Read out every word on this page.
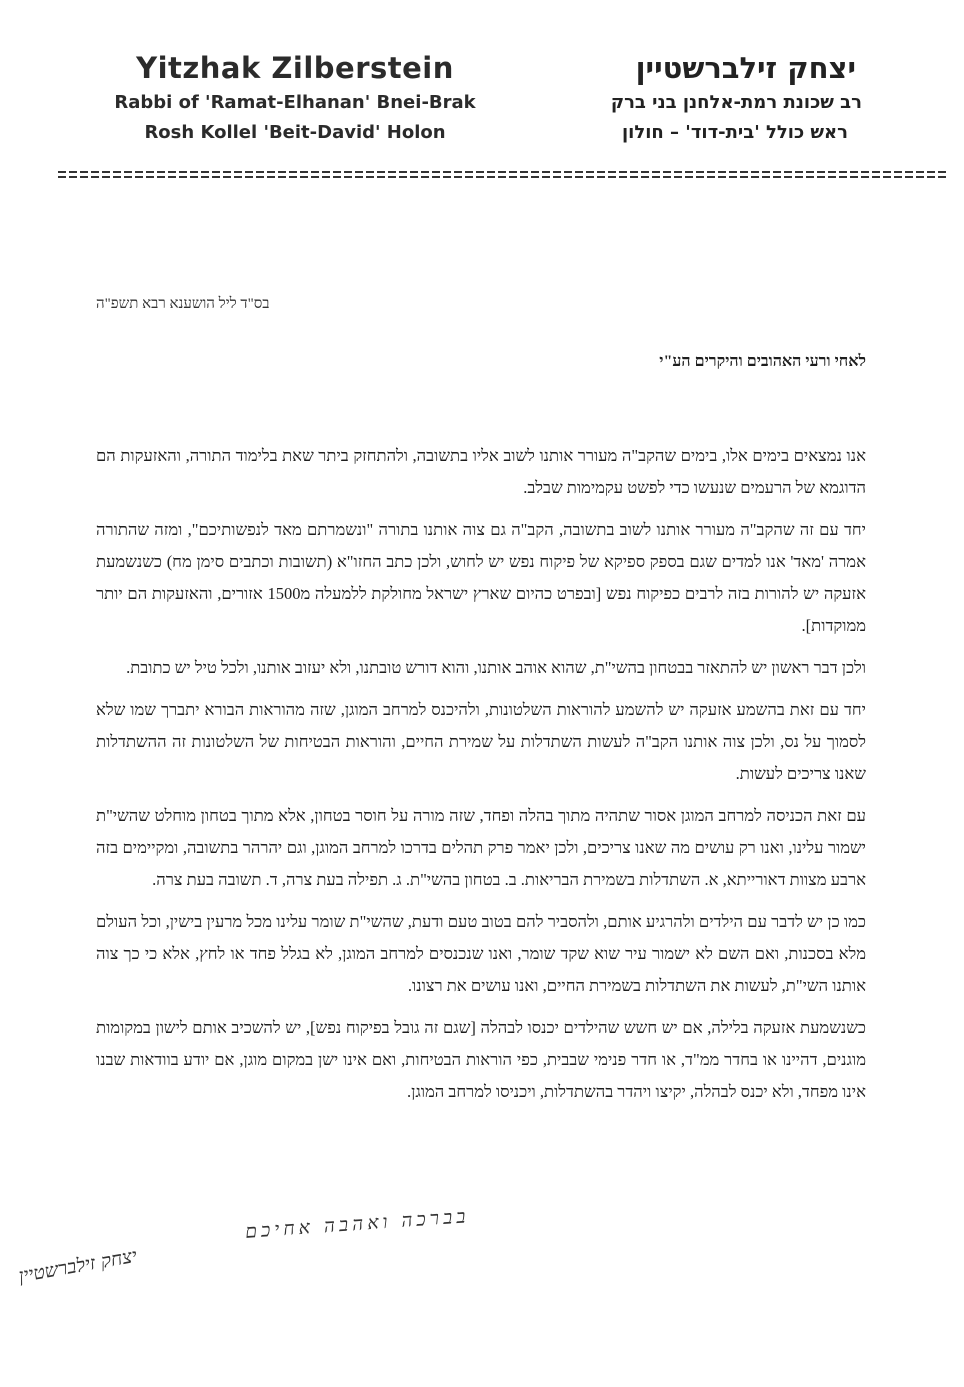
Yitzhak Zilberstein
Rabbi of 'Ramat-Elhanan' Bnei-Brak
Rosh Kollel 'Beit-David' Holon
יצחק זילברשטיין
רב שכונת רמת-אלחנן בני ברק
ראש כולל 'בית-דוד' – חולון
בס"ד ליל הושענא רבא תשפ"ה
לאחי ורעי האהובים והיקרים הע"י

אנו נמצאים בימים אלו, בימים שהקב"ה מעורר אותנו לשוב אליו בתשובה, ולהתחזק ביתר שאת בלימוד התורה, והאזעקות הם הדוגמא של הרעמים שנעשו כדי לפשט עקמימות שבלב.

יחד עם זה שהקב"ה מעורר אותנו לשוב בתשובה, הקב"ה גם צוה אותנו בתורה "ונשמרתם מאד לנפשותיכם", ומזה שהתורה אמרה 'מאד' אנו למדים שגם בספק ספיקא של פיקוח נפש יש לחוש, ולכן כתב החזו"א (תשובות וכתבים סימן מח) כשנשמעת אזעקה יש להורות בזה לרבים כפיקוח נפש [ובפרט כהיום שארץ ישראל מחולקת ללמעלה מ1500 אזורים, והאזעקות הם יותר ממוקדות].

ולכן דבר ראשון יש להתאזר בבטחון בהשי"ת, שהוא אוהב אותנו, והוא דורש טובתנו, ולא יעזוב אותנו, ולכל טיל יש כתובת.

יחד עם זאת בהשמע אזעקה יש להשמע להוראות השלטונות, ולהיכנס למרחב המוגן, שזה מהוראות הבורא יתברך שמו שלא לסמוך על נס, ולכן צוה אותנו הקב"ה לעשות השתדלות על שמירת החיים, והוראות הבטיחות של השלטונות זה ההשתדלות שאנו צריכים לעשות.

עם זאת הכניסה למרחב המוגן אסור שתהיה מתוך בהלה ופחד, שזה מורה על חוסר בטחון, אלא מתוך בטחון מוחלט שהשי"ת ישמור עלינו, ואנו רק עושים מה שאנו צריכים, ולכן יאמר פרק תהלים בדרכו למרחב המוגן, וגם יהרהר בתשובה, ומקיימים בזה ארבע מצוות דאורייתא, א. השתדלות בשמירת הבריאות. ב. בטחון בהשי"ת. ג. תפילה בעת צרה, ד. תשובה בעת צרה.

כמו כן יש לדבר עם הילדים ולהרגיע אותם, ולהסביר להם בטוב טעם ודעת, שהשי"ת שומר עלינו מכל מרעין בישין, וכל העולם מלא בסכנות, ואם השם לא ישמור עיר שוא שקד שומר, ואנו שנכנסים למרחב המוגן, לא בגלל פחד או לחץ, אלא כי כך צוה אותנו השי"ת, לעשות את השתדלות בשמירת החיים, ואנו עושים את רצונו.

כשנשמעת אזעקה בלילה, אם יש חשש שהילדים יכנסו לבהלה [שגם זה גובל בפיקוח נפש], יש להשכיב אותם לישון במקומות מוגנים, דהיינו או בחדר ממ"ד, או חדר פנימי שבבית, כפי הוראות הבטיחות, ואם אינו ישן במקום מוגן, אם יודע בוודאות שבנו אינו מפחד, ולא יכנס לבהלה, יקיצו ויהדר בהשתדלות, ויכניסו למרחב המוגן.

בברכה ואהבה אחיכם
יצחק זילברשטיין
